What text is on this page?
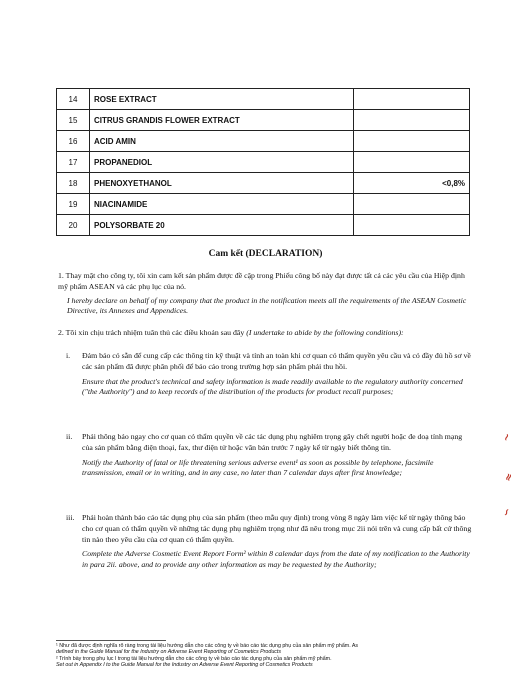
14	ROSE EXTRACT	
15	CITRUS GRANDIS FLOWER EXTRACT	
16	ACID AMIN	
17	PROPANEDIOL	
18	PHENOXYETHANOL	<0,8%
19	NIACINAMIDE	
20	POLYSORBATE 20	
Cam kết (DECLARATION)
1. Thay mặt cho công ty, tôi xin cam kết sản phẩm được đề cập trong Phiếu công bố này đạt được tất cả các yêu cầu của Hiệp định mỹ phẩm ASEAN và các phụ lục của nó.
I hereby declare on behalf of my company that the product in the notification meets all the requirements of the ASEAN Cosmetic Directive, its Annexes and Appendices.
2. Tôi xin chịu trách nhiệm tuân thủ các điều khoản sau đây (I undertake to abide by the following conditions):
i. Đảm bảo có sẵn để cung cấp các thông tin kỹ thuật và tính an toàn khi cơ quan có thẩm quyền yêu cầu và có đầy đủ hồ sơ về các sản phẩm đã được phân phối để báo cáo trong trường hợp sản phẩm phải thu hồi.
Ensure that the product's technical and safety information is made readily available to the regulatory authority concerned ("the Authority") and to keep records of the distribution of the products for product recall purposes;
ii. Phải thông báo ngay cho cơ quan có thẩm quyền về các tác dụng phụ nghiêm trọng gây chết người hoặc đe doạ tính mạng của sản phẩm bằng điện thoại, fax, thư điện tử hoặc văn bản trước 7 ngày kể từ ngày biết thông tin.
Notify the Authority of fatal or life threatening serious adverse event¹ as soon as possible by telephone, facsimile transmission, email or in writing, and in any case, no later than 7 calendar days after first knowledge;
iii. Phải hoàn thành báo cáo tác dụng phụ của sản phẩm (theo mẫu quy định) trong vòng 8 ngày làm việc kể từ ngày thông báo cho cơ quan có thẩm quyền về những tác dụng phụ nghiêm trọng như đã nêu trong mục 2ii nói trên và cung cấp bất cứ thông tin nào theo yêu cầu của cơ quan có thẩm quyền.
Complete the Adverse Cosmetic Event Report Form² within 8 calendar days from the date of my notification to the Authority in para 2ii. above, and to provide any other information as may be requested by the Authority;
¹ Như đã được định nghĩa rõ ràng trong tài liệu hướng dẫn cho các công ty về báo cáo tác dụng phụ của sản phẩm mỹ phẩm. As
defined in the Guide Manual for the Industry on Adverse Event Reporting of Cosmetics Products
² Trình bày trong phụ lục I trong tài liệu hướng dẫn cho các công ty về báo cáo tác dụng phụ của sản phẩm mỹ phẩm.
Set out in Appendix I to the Guide Manual for the Industry on Adverse Event Reporting of Cosmetics Products
~
≈
∽
